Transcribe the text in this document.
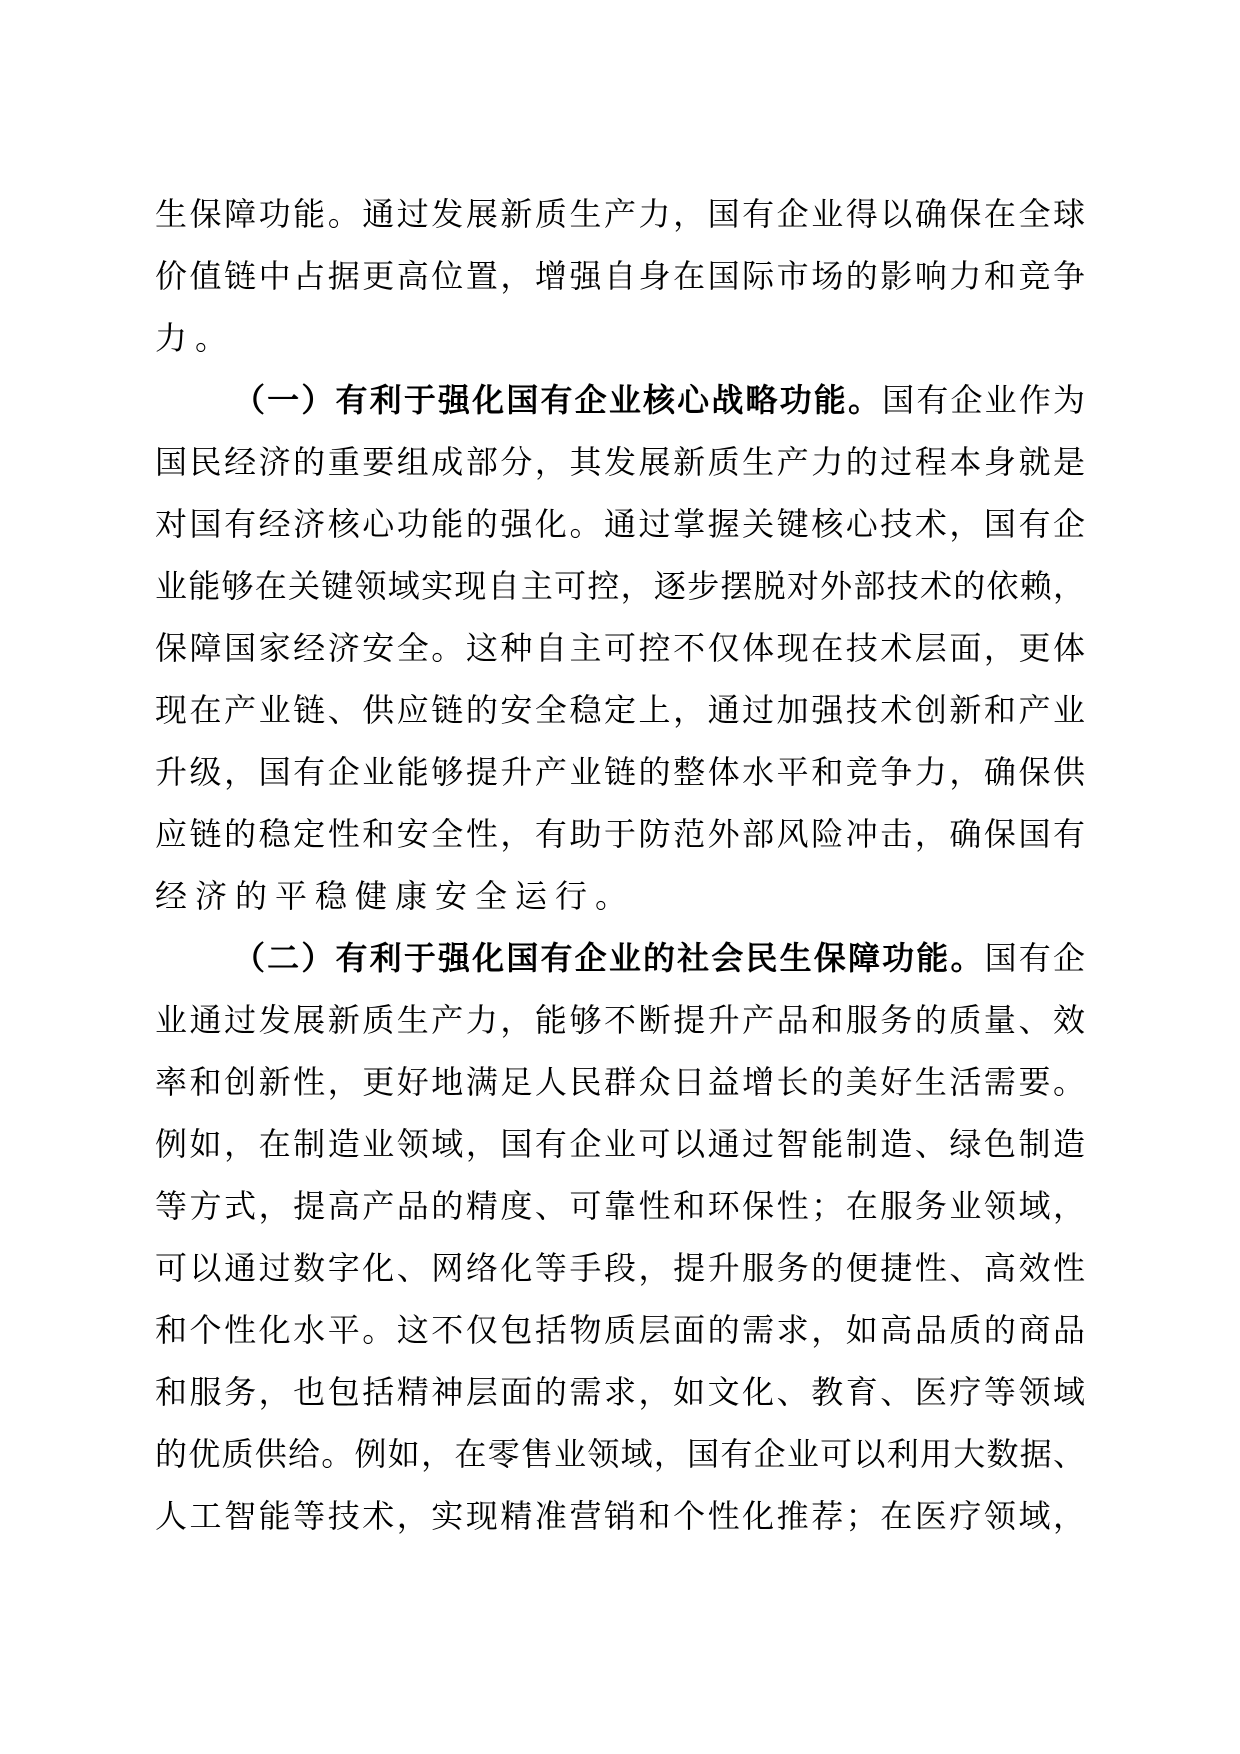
生保障功能。通过发展新质生产力，国有企业得以确保在全球
价值链中占据更高位置，增强自身在国际市场的影响力和竞争
力。
（一）有利于强化国有企业核心战略功能。国有企业作为
国民经济的重要组成部分，其发展新质生产力的过程本身就是
对国有经济核心功能的强化。通过掌握关键核心技术，国有企
业能够在关键领域实现自主可控，逐步摆脱对外部技术的依赖，
保障国家经济安全。这种自主可控不仅体现在技术层面，更体
现在产业链、供应链的安全稳定上，通过加强技术创新和产业
升级，国有企业能够提升产业链的整体水平和竞争力，确保供
应链的稳定性和安全性，有助于防范外部风险冲击，确保国有
经济的平稳健康安全运行。
（二）有利于强化国有企业的社会民生保障功能。国有企
业通过发展新质生产力，能够不断提升产品和服务的质量、效
率和创新性，更好地满足人民群众日益增长的美好生活需要。
例如，在制造业领域，国有企业可以通过智能制造、绿色制造
等方式，提高产品的精度、可靠性和环保性；在服务业领域，
可以通过数字化、网络化等手段，提升服务的便捷性、高效性
和个性化水平。这不仅包括物质层面的需求，如高品质的商品
和服务，也包括精神层面的需求，如文化、教育、医疗等领域
的优质供给。例如，在零售业领域，国有企业可以利用大数据、
人工智能等技术，实现精准营销和个性化推荐；在医疗领域，
